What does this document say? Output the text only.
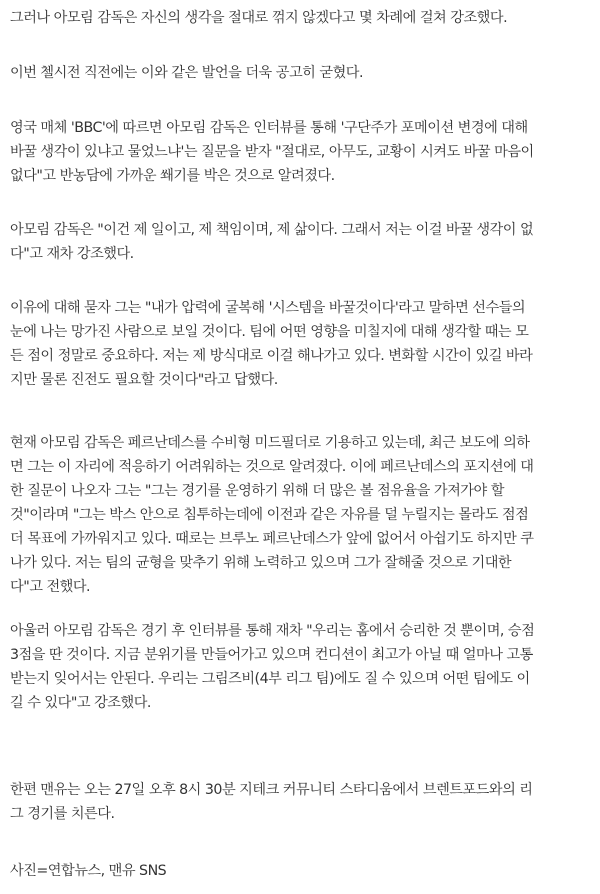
그러나 아모림 감독은 자신의 생각을 절대로 꺾지 않겠다고 몇 차례에 걸쳐 강조했다.

이번 첼시전 직전에는 이와 같은 발언을 더욱 공고히 굳혔다.

영국 매체 'BBC'에 따르면 아모림 감독은 인터뷰를 통해 '구단주가 포메이션 변경에 대해
바꿀 생각이 있냐고 물었느냐'는 질문을 받자 "절대로, 아무도, 교황이 시켜도 바꿀 마음이
없다"고 반농담에 가까운 쐐기를 박은 것으로 알려졌다.

아모림 감독은 "이건 제 일이고, 제 책임이며, 제 삶이다. 그래서 저는 이걸 바꿀 생각이 없
다"고 재차 강조했다.

이유에 대해 묻자 그는 "내가 압력에 굴복해 '시스템을 바꿀것이다'라고 말하면 선수들의
눈에 나는 망가진 사람으로 보일 것이다. 팀에 어떤 영향을 미칠지에 대해 생각할 때는 모
든 점이 정말로 중요하다. 저는 제 방식대로 이걸 해나가고 있다. 변화할 시간이 있길 바라
지만 물론 진전도 필요할 것이다"라고 답했다.

현재 아모림 감독은 페르난데스를 수비형 미드필더로 기용하고 있는데, 최근 보도에 의하
면 그는 이 자리에 적응하기 어려워하는 것으로 알려졌다. 이에 페르난데스의 포지션에 대
한 질문이 나오자 그는 "그는 경기를 운영하기 위해 더 많은 볼 점유율을 가져가야 할
것"이라며 "그는 박스 안으로 침투하는데에 이전과 같은 자유를 덜 누릴지는 몰라도 점점
더 목표에 가까워지고 있다. 때로는 브루노 페르난데스가 앞에 없어서 아쉽기도 하지만 쿠
나가 있다. 저는 팀의 균형을 맞추기 위해 노력하고 있으며 그가 잘해줄 것으로 기대한
다"고 전했다.

아울러 아모림 감독은 경기 후 인터뷰를 통해 재차 "우리는 홈에서 승리한 것 뿐이며, 승점
3점을 딴 것이다. 지금 분위기를 만들어가고 있으며 컨디션이 최고가 아닐 때 얼마나 고통
받는지 잊어서는 안된다. 우리는 그림즈비(4부 리그 팀)에도 질 수 있으며 어떤 팀에도 이
길 수 있다"고 강조했다.

한편 맨유는 오는 27일 오후 8시 30분 지테크 커뮤니티 스타디움에서 브렌트포드와의 리
그 경기를 치른다.

사진=연합뉴스, 맨유 SNS
